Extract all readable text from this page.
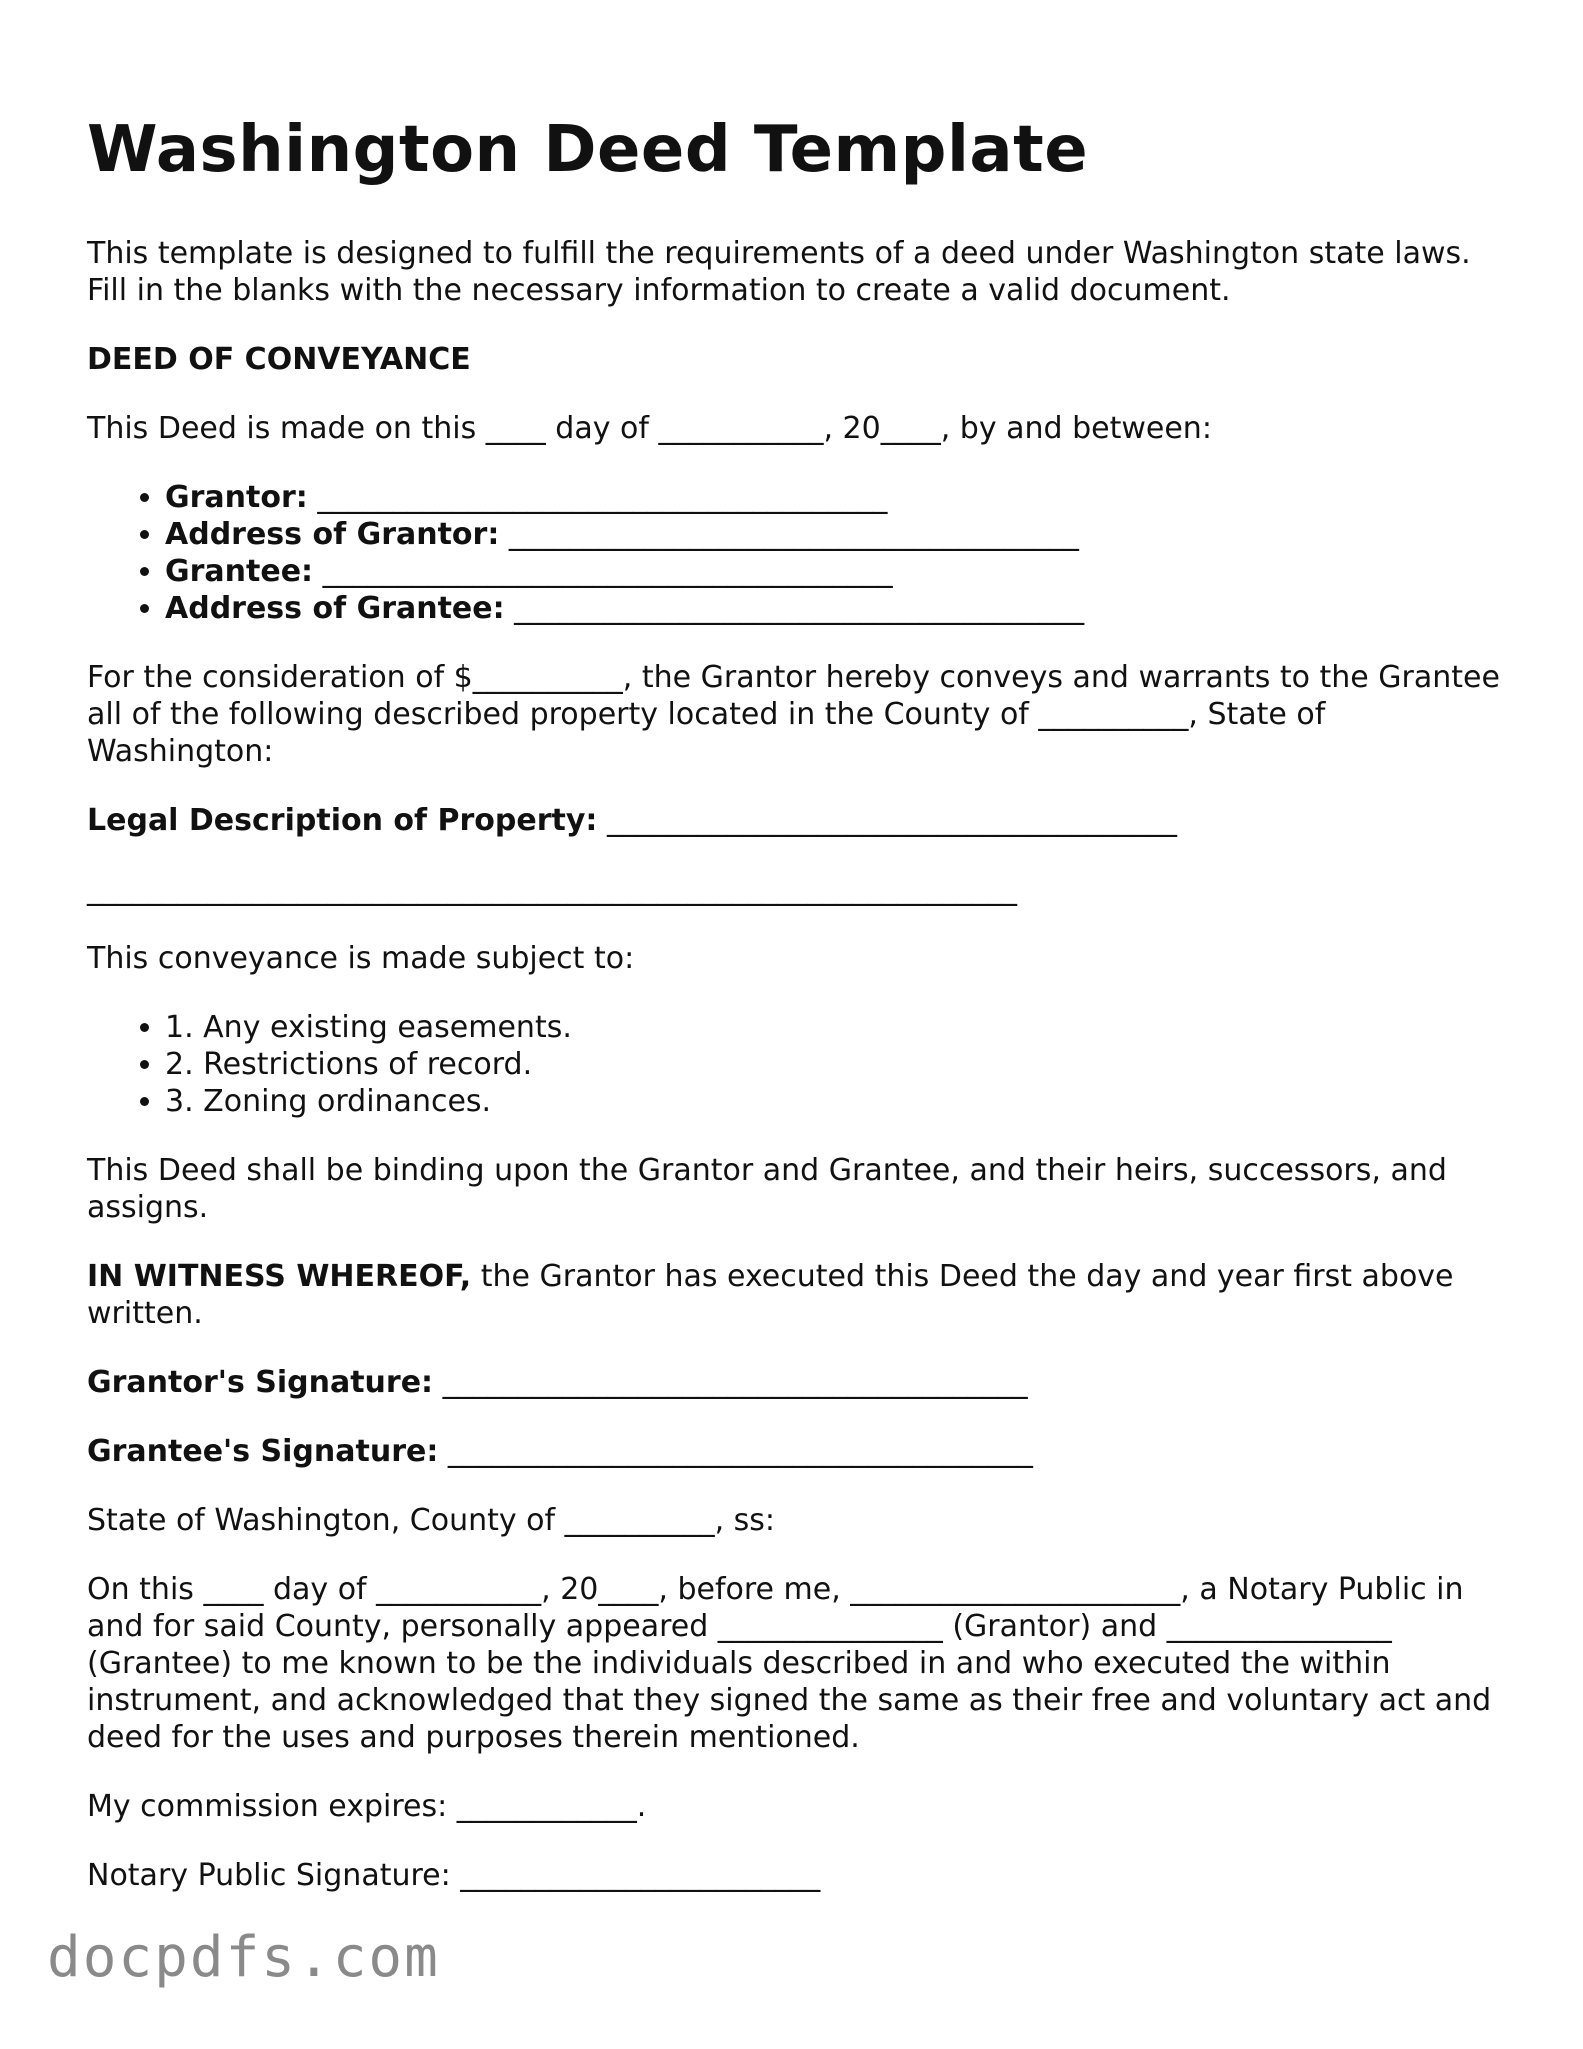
Washington Deed Template

This template is designed to fulfill the requirements of a deed under Washington state laws. Fill in the blanks with the necessary information to create a valid document.

DEED OF CONVEYANCE

This Deed is made on this ____ day of ___________, 20____, by and between:

• Grantor: ______________________________________
• Address of Grantor: ______________________________________
• Grantee: ______________________________________
• Address of Grantee: ______________________________________

For the consideration of $__________, the Grantor hereby conveys and warrants to the Grantee all of the following described property located in the County of __________, State of Washington:

Legal Description of Property: ______________________________________

______________________________________________________________

This conveyance is made subject to:

• 1. Any existing easements.
• 2. Restrictions of record.
• 3. Zoning ordinances.

This Deed shall be binding upon the Grantor and Grantee, and their heirs, successors, and assigns.

IN WITNESS WHEREOF, the Grantor has executed this Deed the day and year first above written.

Grantor's Signature: _______________________________________

Grantee's Signature: _______________________________________

State of Washington, County of __________, ss:

On this ____ day of ___________, 20____, before me, ______________________, a Notary Public in and for said County, personally appeared _______________ (Grantor) and _______________ (Grantee) to me known to be the individuals described in and who executed the within instrument, and acknowledged that they signed the same as their free and voluntary act and deed for the uses and purposes therein mentioned.

My commission expires: ____________.

Notary Public Signature: ________________________

docpdfs.com
